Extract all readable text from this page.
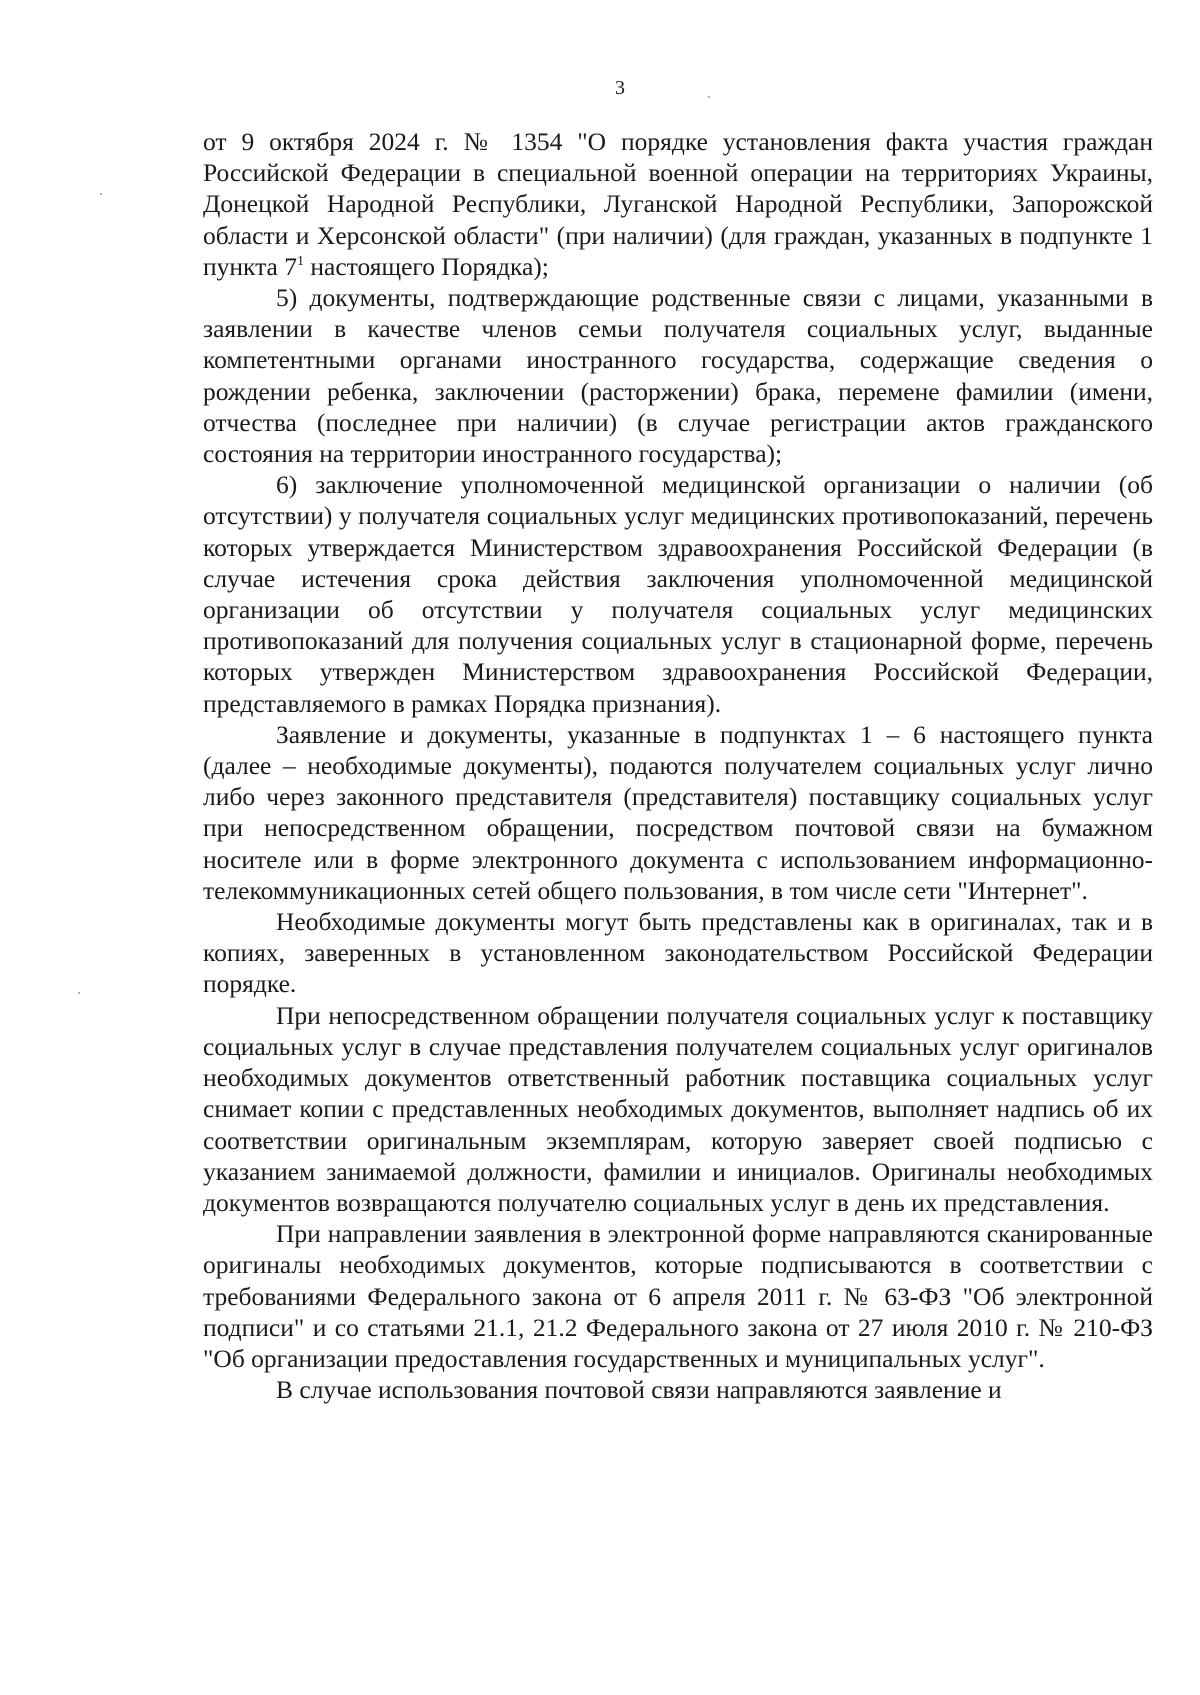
3

от 9 октября 2024 г. № 1354 "О порядке установления факта участия граждан Российской Федерации в специальной военной операции на территориях Украины, Донецкой Народной Республики, Луганской Народной Республики, Запорожской области и Херсонской области" (при наличии) (для граждан, указанных в подпункте 1 пункта $7^1$ настоящего Порядка);

5) документы, подтверждающие родственные связи с лицами, указанными в заявлении в качестве членов семьи получателя социальных услуг, выданные компетентными органами иностранного государства, содержащие сведения о рождении ребенка, заключении (расторжении) брака, перемене фамилии (имени, отчества (последнее при наличии) (в случае регистрации актов гражданского состояния на территории иностранного государства);

6) заключение уполномоченной медицинской организации о наличии (об отсутствии) у получателя социальных услуг медицинских противопоказаний, перечень которых утверждается Министерством здравоохранения Российской Федерации (в случае истечения срока действия заключения уполномоченной медицинской организации об отсутствии у получателя социальных услуг медицинских противопоказаний для получения социальных услуг в стационарной форме, перечень которых утвержден Министерством здравоохранения Российской Федерации, представляемого в рамках Порядка признания).

Заявление и документы, указанные в подпунктах 1 – 6 настоящего пункта (далее – необходимые документы), подаются получателем социальных услуг лично либо через законного представителя (представителя) поставщику социальных услуг при непосредственном обращении, посредством почтовой связи на бумажном носителе или в форме электронного документа с использованием информационно-телекоммуникационных сетей общего пользования, в том числе сети "Интернет".

Необходимые документы могут быть представлены как в оригиналах, так и в копиях, заверенных в установленном законодательством Российской Федерации порядке.

При непосредственном обращении получателя социальных услуг к поставщику социальных услуг в случае представления получателем социальных услуг оригиналов необходимых документов ответственный работник поставщика социальных услуг снимает копии с представленных необходимых документов, выполняет надпись об их соответствии оригинальным экземплярам, которую заверяет своей подписью с указанием занимаемой должности, фамилии и инициалов. Оригиналы необходимых документов возвращаются получателю социальных услуг в день их представления.

При направлении заявления в электронной форме направляются сканированные оригиналы необходимых документов, которые подписываются в соответствии с требованиями Федерального закона от 6 апреля 2011 г. № 63-ФЗ "Об электронной подписи" и со статьями 21.1, 21.2 Федерального закона от 27 июля 2010 г. № 210-ФЗ "Об организации предоставления государственных и муниципальных услуг".

В случае использования почтовой связи направляются заявление и
